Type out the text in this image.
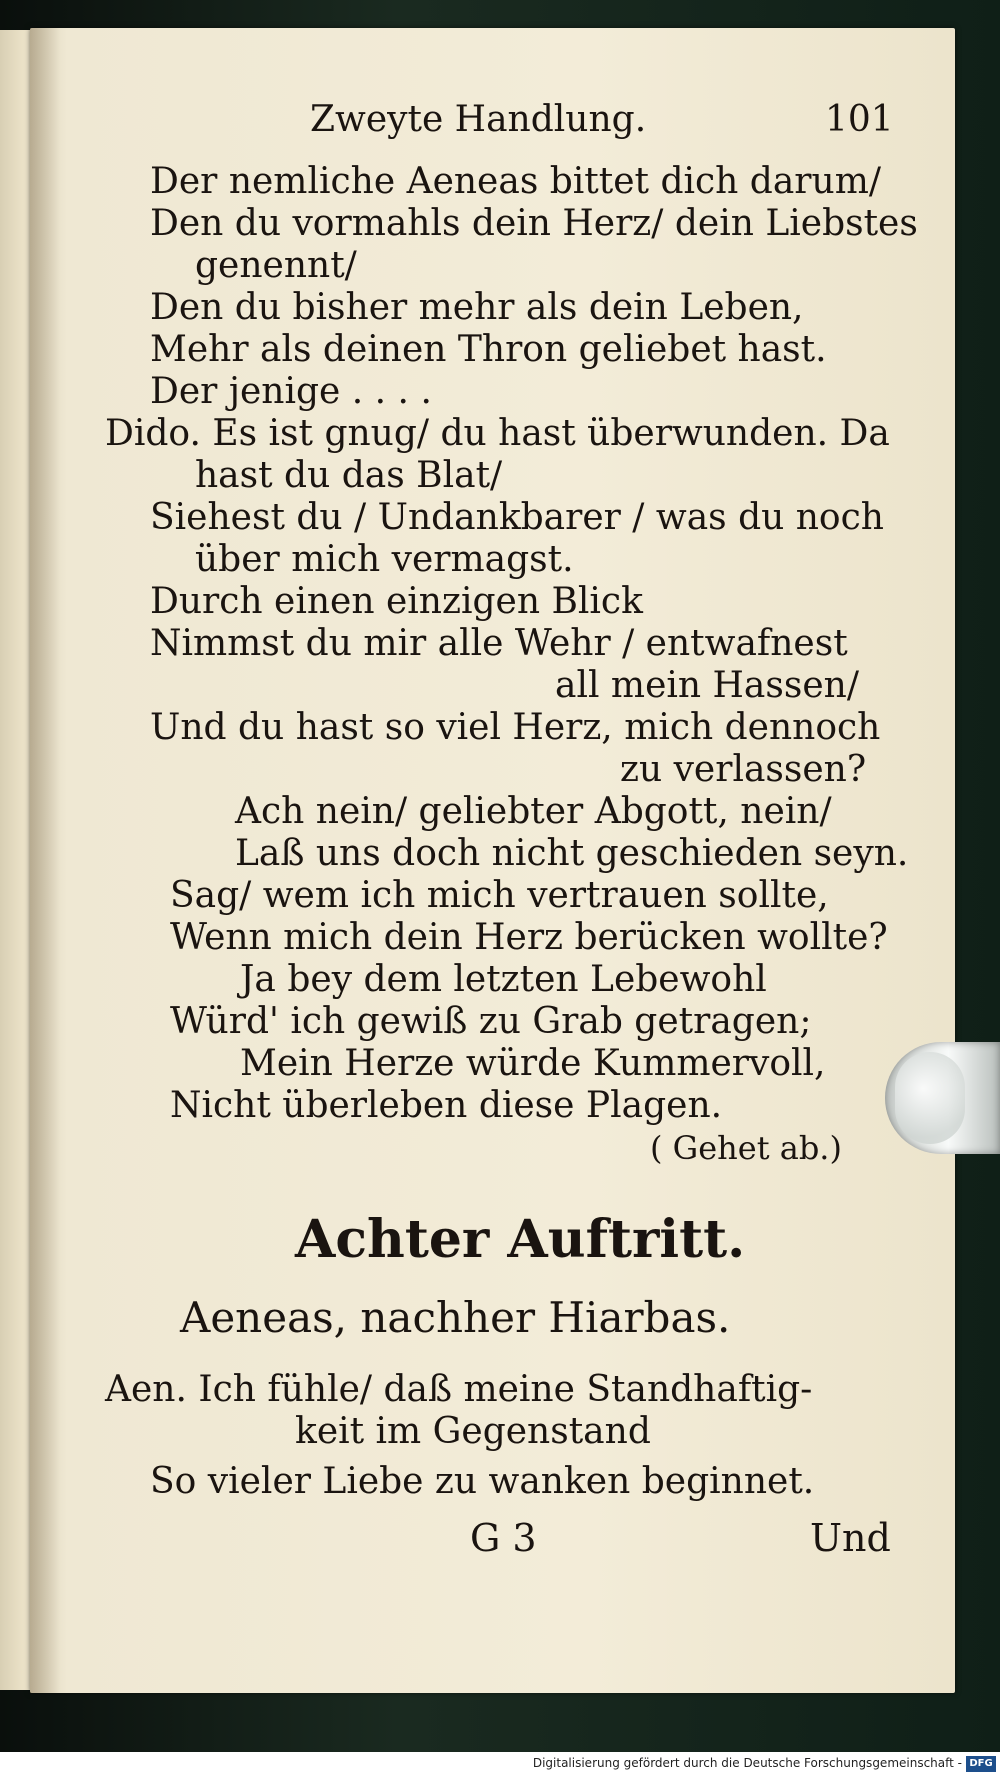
Zweyte Handlung.	101
Der nemliche Aeneas bittet dich darum/
Den du vormahls dein Herz/ dein Liebstes
genennt/
Den du bisher mehr als dein Leben,
Mehr als deinen Thron geliebet hast.
Der jenige . . . .
Dido. Es ist gnug/ du hast überwunden. Da
hast du das Blat/
Siehest du / Undankbarer / was du noch
über mich vermagst.
Durch einen einzigen Blick
Nimmst du mir alle Wehr / entwafnest
all mein Hassen/
Und du hast so viel Herz, mich dennoch
zu verlassen?
Ach nein/ geliebter Abgott, nein/
Laß uns doch nicht geschieden seyn.
Sag/ wem ich mich vertrauen sollte,
Wenn mich dein Herz berücken wollte?
Ja bey dem letzten Lebewohl
Würd' ich gewiß zu Grab getragen;
Mein Herze würde Kummervoll,
Nicht überleben diese Plagen.
( Gehet ab.)
Achter Auftritt.
Aeneas, nachher Hiarbas.
Aen. Ich fühle/ daß meine Standhaftig-
keit im Gegenstand
So vieler Liebe zu wanken beginnet.
G 3	Und
Digitalisierung gefördert durch die Deutsche Forschungsgemeinschaft - DFG
